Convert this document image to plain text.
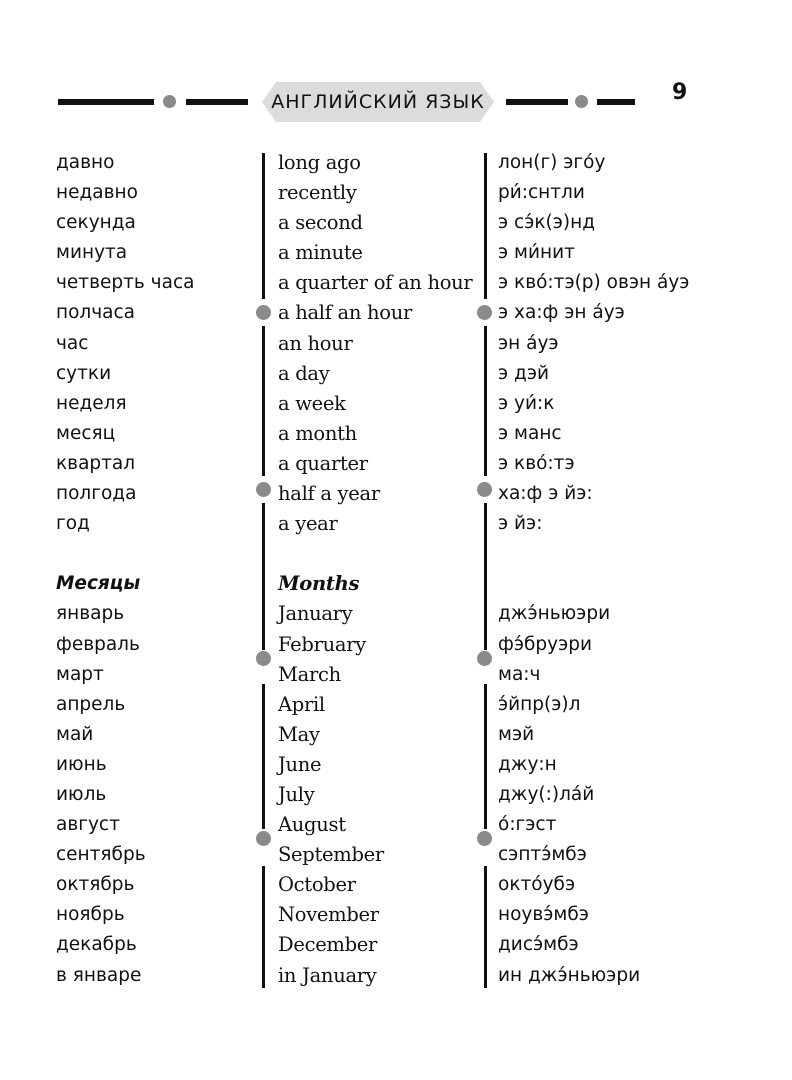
АНГЛИЙСКИЙ ЯЗЫК	9
давно
недавно
секунда
минута
четверть часа
полчаса
час
сутки
неделя
месяц
квартал
полгода
год
Месяцы
январь
февраль
март
апрель
май
июнь
июль
август
сентябрь
октябрь
ноябрь
декабрь
в январе
long ago
recently
a second
a minute
a quarter of an hour
a half an hour
an hour
a day
a week
a month
a quarter
half a year
a year
Months
January
February
March
April
May
June
July
August
September
October
November
December
in January
лон(г) эгóу
ри́:снтли
э сэ́к(э)нд
э ми́нит
э квó:тэ(р) овэн áуэ
э ха:ф эн áуэ
эн áуэ
э дэй
э уи́:к
э манс
э квó:тэ
ха:ф э йэ:
э йэ:
джэ́ньюэри
фэ́бруэри
ма:ч
э́йпр(э)л
мэй
джу:н
джу(:)лáй
ó:гэст
сэптэ́мбэ
октóубэ
ноувэ́мбэ
дисэ́мбэ
ин джэ́ньюэри
